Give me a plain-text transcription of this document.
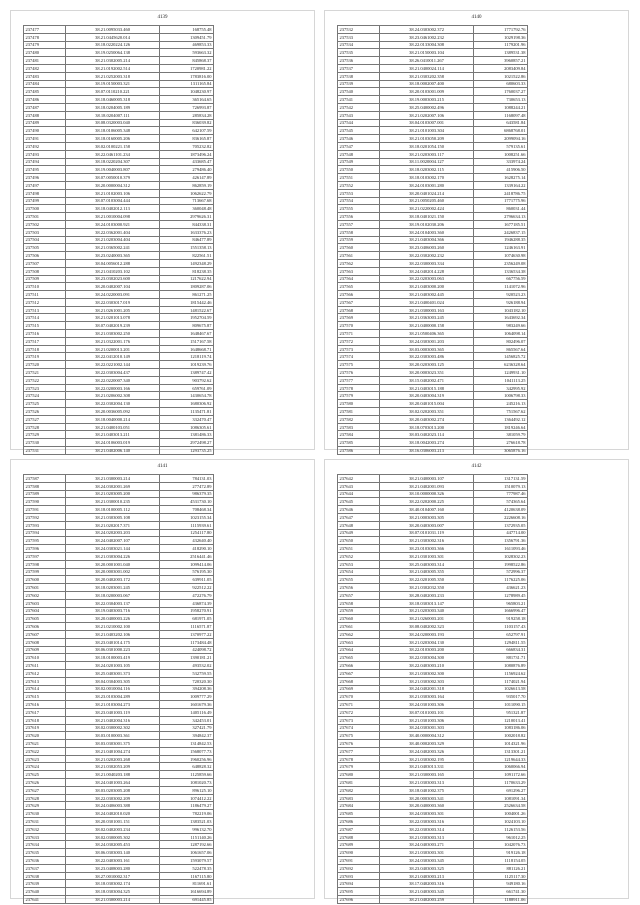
4139
237477	38.21.0095033.460	168755.48
237478	38.21.0445620.014	1309451.79
237479	38.18.0220224.126	469853.33
237480	38.19.0250064.138	593663.32
237481	38.21.0302005.214	845868.37
237482	38.21.0192002.514	1720981.22
237483	38.21.0252003.318	1783816.00
237484	38.19.0150003.321	1311165.84
237485	38.07.0110210.221	1048230.97
237486	38.18.0460005.318	365164.65
237487	38.18.0204005.189	726993.87
237488	38.18.0204007.111	285834.28
237489	38.08.0320003.040	836039.82
237490	38.18.0106005.348	642107.59
237491	38.18.0160005.206	836165.87
237492	38.02.0100221.158	705232.82
237493	38.22.0461101.234	1873496.24
237494	38.18.0220204.307	433685.47
237495	38.19.0040003.807	279486.40
237496	38.07.0050010.379	426147.89
237497	38.20.0000004.312	862859.19
237498	38.21.0102003.106	1062622.79
237499	38.07.0103004.444	713667.68
237500	38.18.0402012.113	360048.48
237501	38.21.0010004.098	2979626.31
237502	38.24.0103000.921	844338.31
237503	38.22.0362001.404	1633376.23
237504	38.21.0203004.404	846477.89
237505	38.21.0365002.241	1551358.13
237506	38.23.0240003.365	822561.51
237507	38.04.0056012.288	1492348.29
237508	38.21.0410203.102	818238.35
237509	38.23.0302023.600	1217622.94
237510	38.20.0402007.104	1809287.06
237511	38.24.0220003.091	861271.25
237512	38.22.0303017.019	1815442.46
237513	38.21.0261001.205	1481522.67
237514	38.21.0201013.078	1952704.59
237515	38.07.0402019.239	809675.87
237516	38.21.0303002.250	1648467.67
237517	38.21.0322001.176	1517167.58
237518	38.21.0200013.201	1648668.71
237519	38.22.0412010.149	1218119.74
237520	38.22.0221002.144	1019239.76
237521	38.22.0303004.437	1389747.42
237522	38.22.0220007.340	903792.62
237523	38.22.0200003.166	659761.09
237524	38.21.0206002.308	1430654.78
237525	38.22.0302004.130	1680306.92
237526	38.20.0036005.092	1135471.81
237527	38.18.0040000.214	332470.47
237528	38.21.0400103.051	1086305.61
237529	38.21.0403013.211	1381486.33
237530	38.24.0106003.019	2972498.27
237531	38.21.0402006.140	1293735.25
4140
237532	38.24.0303002.372	1771792.76
237533	38.23.0461002.232	1029198.36
237534	38.22.0133004.308	1179201.96
237535	38.21.0150003.104	1389531.38
237536	38.26.0410011.267	3960857.21
237537	38.21.0400024.114	2083409.84
237538	38.21.0303202.358	1021522.86
237539	38.18.0002007.400	680603.33
237540	38.20.0103001.009	1760037.27
237541	38.19.0003003.215	730653.13
237542	38.25.0400002.496	1088244.21
237543	38.21.0202007.106	1168097.48
237544	38.04.0103007.001	643581.84
237545	38.21.0101003.304	6868768.01
237546	38.21.0103050.209	2099094.16
237547	38.18.0201054.150	579135.61
237548	38.21.0203003.117	1008251.66
237549	38.11.0020004.127	333974.24
237550	38.18.0203002.115	415906.50
237551	38.18.0103002.170	1628275.14
237552	38.24.0103001.280	1339164.22
237553	38.20.0401024.214	2418786.75
237554	38.21.0050205.460	1771775.96
237555	38.21.0220002.424	860031.44
237556	38.18.0401021.150	2796634.13
237557	38.19.0102030.206	1677185.51
237558	38.24.0104003.360	2426837.15
237559	38.21.0403004.366	1946288.35
237560	38.23.0406003.260	1246163.91
237561	38.22.0302002.232	1074630.98
237562	38.22.0300003.334	2356249.08
237563	38.24.0402014.228	1336534.38
237564	38.22.0203003.063	667756.59
237565	38.21.0403000.200	1141072.96
237566	38.21.0403002.445	920523.23
237567	38.21.0400401.024	926188.94
237568	38.21.0300003.163	1043182.10
237569	38.21.0363003.245	1643692.34
237570	38.21.0400000.158	983249.66
237571	38.21.0500406.365	1064098.14
237572	38.24.0303001.203	802496.07
237573	38.03.0003003.365	865567.64
237574	38.22.0303003.486	1456825.72
237575	38.20.0203003.125	6236328.64
237576	38.20.0003023.351	1249931.10
237577	38.15.0402002.471	1041113.25
237578	38.21.0403015.188	342995.92
237579	38.20.0403004.319	1006798.33
237580	38.20.0401015.004	245216.13
237581	38.02.0202003.351	751567.62
237582	38.20.0403002.274	1364492.12
237583	38.18.0703013.200	1819246.64
237584	38.03.0402023.114	381059.79
237585	38.18.0042003.274	276618.78
237586	38.16.0306003.213	3065876.16
4141
237587	38.21.0300003.214	784131.03
237588	38.24.0302001.269	277472.89
237589	38.21.0203005.200	986379.35
237590	38.21.0300010.235	4531730.10
237591	38.18.0100005.112	708468.34
237592	38.21.0303005.108	1023155.34
237593	38.21.0202017.371	1115939.61
237594	38.24.0202003.203	1254117.80
237595	38.24.0402007.107	432640.40
237596	38.24.0303021.144	418290.10
237597	38.21.0303004.226	2516441.46
237598	38.20.0001001.040	1099414.06
237599	38.20.0003001.002	576195.30
237600	38.20.0402003.172	639911.05
237601	38.18.0203001.245	922512.22
237602	38.18.0200003.067	472276.79
237603	38.22.0304003.137	436874.39
237604	38.19.0403003.716	1958270.91
237605	38.20.0400003.226	681971.05
237606	38.21.0210002.100	1116571.87
237607	38.21.0403202.106	1370977.22
237608	38.23.0401014.175	1173484.48
237609	38.06.0301000.223	424098.72
237610	38.18.0100003.419	1390181.21
237611	38.24.0201003.105	493532.02
237612	38.25.0403001.373	532759.55
237613	38.04.0304003.305	720320.30
237614	38.02.0010004.116	394208.36
237615	38.23.0103004.289	1009777.29
237616	38.21.0103004.273	1601679.36
237617	38.23.0401003.119	1405116.49
237618	38.21.0402004.316	342453.01
237619	38.02.0300002.302	327421.79
237620	38.03.0100003.361	394842.37
237621	38.03.0303001.375	1314842.53
237622	38.21.0401004.274	1568077.73
237623	38.21.0202003.268	1960256.96
237624	38.21.0302053.209	648828.32
237625	38.21.0040203.188	1125859.66
237626	38.24.0401003.264	1081020.73
237627	38.03.0203005.208	896125.10
237628	38.22.0303002.209	1074412.22
237629	38.24.0406003.388	1186479.27
237630	38.24.0402010.020	782219.06
237631	38.20.0301001.151	1383521.03
237632	38.02.0402003.234	996132.70
237633	38.02.0300005.302	1151140.26
237634	38.24.0302005.453	1287192.66
237635	38.06.0303003.140	1061657.06
237636	38.22.0403003.161	1593079.57
237637	38.23.0408003.280	522478.35
237638	38.27.0010002.317	1167115.80
237639	38.18.0303002.174	811691.61
237640	38.18.0303004.325	1616694.89
237641	38.21.0300003.214	691445.85
4142
237642	38.21.0400003.107	1317131.59
237643	38.21.0402001.093	1510079.13
237644	38.10.0000000.326	777987.46
237645	38.22.0202000.225	574365.64
237646	38.40.0104007.160	4120638.09
237647	38.21.0003003.305	2226608.16
237648	38.20.0403003.007	1372935.05
237649	38.07.0101031.119	447714.00
237650	38.21.0303002.316	1356791.36
237651	38.23.0103003.366	1611093.46
237652	38.21.0301003.301	1028302.23
237653	38.25.0403003.314	1998522.86
237654	38.21.0403005.355	572996.37
237655	38.22.0201005.350	1176225.06
237656	38.21.0302032.350	436621.23
237657	38.28.0402003.233	1278989.45
237658	38.18.0303013.147	965803.21
237659	38.21.0203003.340	1666996.47
237660	38.21.0260003.201	919258.18
237661	38.08.0402002.323	1103157.43
237662	38.24.0200003.193	652797.91
237663	38.21.0203004.130	1294811.55
237664	38.22.0103003.200	666834.31
237665	38.22.0303004.300	881731.71
237666	38.22.0403003.210	1080876.89
237667	38.21.0303002.300	1156924.62
237668	38.21.0303002.303	1174021.94
237669	38.24.0402001.318	1026613.58
237670	38.21.0303003.164	935017.70
237671	38.24.0301003.306	1011090.15
237672	38.07.0101003.101	951321.87
237673	38.21.0301003.306	1210013.41
237674	38.24.0303001.303	1083186.06
237675	38.40.0000004.312	1002018.82
237676	38.40.0002003.329	1014321.96
237677	38.24.0402003.326	1313301.21
237678	38.21.0303002.195	1219644.33
237679	38.21.0403013.331	1060066.94
237680	38.21.0300003.165	1091172.66
237681	38.21.0303003.313	1170633.29
237682	38.18.0401002.375	691296.27
237683	38.20.0003003.341	1081091.34
237684	38.20.0400003.360	2526634.58
237685	38.24.0303003.301	1004001.26
237686	38.22.0303003.316	1024103.10
237687	38.22.0303003.314	1126153.56
237688	38.21.0303003.313	961012.25
237689	38.24.0403003.271	1042076.73
237690	38.21.0303003.301	919126.18
237691	38.24.0303003.345	1118154.05
237692	38.23.0403003.325	881126.21
237693	38.21.0403003.213	1125117.30
237694	38.17.0402003.316	949180.16
237695	38.21.0403003.345	661741.30
237696	38.21.0402003.259	1188911.06
